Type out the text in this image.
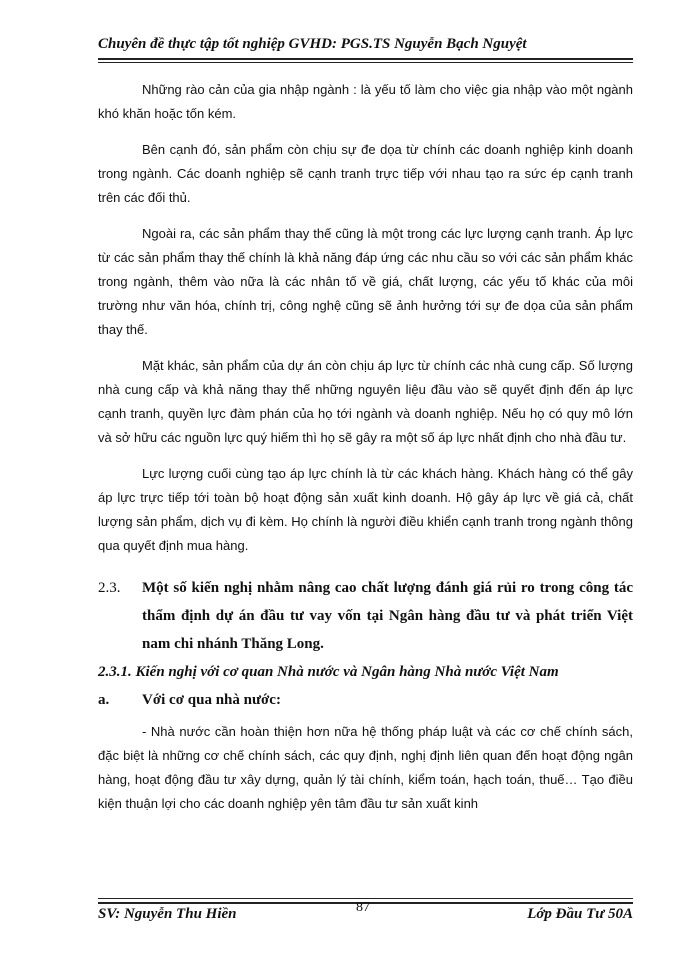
Chuyên đề thực tập tốt nghiệp GVHD: PGS.TS Nguyễn Bạch Nguyệt

Những rào cản của gia nhập ngành : là yếu tố làm cho việc gia nhập vào một ngành khó khăn hoặc tốn kém.

Bên cạnh đó, sản phẩm còn chịu sự đe dọa từ chính các doanh nghiệp kinh doanh trong ngành. Các doanh nghiệp sẽ cạnh tranh trực tiếp với nhau tạo ra sức ép cạnh tranh trên các đối thủ.

Ngoài ra, các sản phẩm thay thế cũng là một trong các lực lượng cạnh tranh. Áp lực từ các sản phẩm thay thế chính là khả năng đáp ứng các nhu cầu so với các sản phẩm khác trong ngành, thêm vào nữa là các nhân tố về giá, chất lượng, các yếu tố khác của môi trường như văn hóa, chính trị, công nghệ cũng sẽ ảnh hưởng tới sự đe dọa của sản phẩm thay thế.

Mặt khác, sản phẩm của dự án còn chịu áp lực từ chính các nhà cung cấp. Số lượng nhà cung cấp và khả năng thay thế những nguyên liệu đầu vào sẽ quyết định đến áp lực cạnh tranh, quyền lực đàm phán của họ tới ngành và doanh nghiệp. Nếu họ có quy mô lớn và sở hữu các nguồn lực quý hiếm thì họ sẽ gây ra một số áp lực nhất định cho nhà đầu tư.

Lực lượng cuối cùng tạo áp lực chính là từ các khách hàng. Khách hàng có thể gây áp lực trực tiếp tới toàn bộ hoạt động sản xuất kinh doanh. Hộ gây áp lực về giá cả, chất lượng sản phẩm, dịch vụ đi kèm. Họ chính là người điều khiển cạnh tranh trong ngành thông qua quyết định mua hàng.

2.3. Một số kiến nghị nhằm nâng cao chất lượng đánh giá rủi ro trong công tác thẩm định dự án đầu tư vay vốn tại Ngân hàng đầu tư và phát triển Việt nam chi nhánh Thăng Long.
2.3.1. Kiến nghị với cơ quan Nhà nước và Ngân hàng Nhà nước Việt Nam
a. Với cơ qua nhà nước:

- Nhà nước cần hoàn thiện hơn nữa hệ thống pháp luật và các cơ chế chính sách, đặc biệt là những cơ chế chính sách, các quy định, nghị định liên quan đến hoạt động ngân hàng, hoạt động đầu tư xây dựng, quản lý tài chính, kiểm toán, hạch toán, thuế… Tạo điều kiện thuận lợi cho các doanh nghiệp yên tâm đầu tư sản xuất kinh

SV: Nguyễn Thu Hiền	87	Lớp Đầu Tư 50A
